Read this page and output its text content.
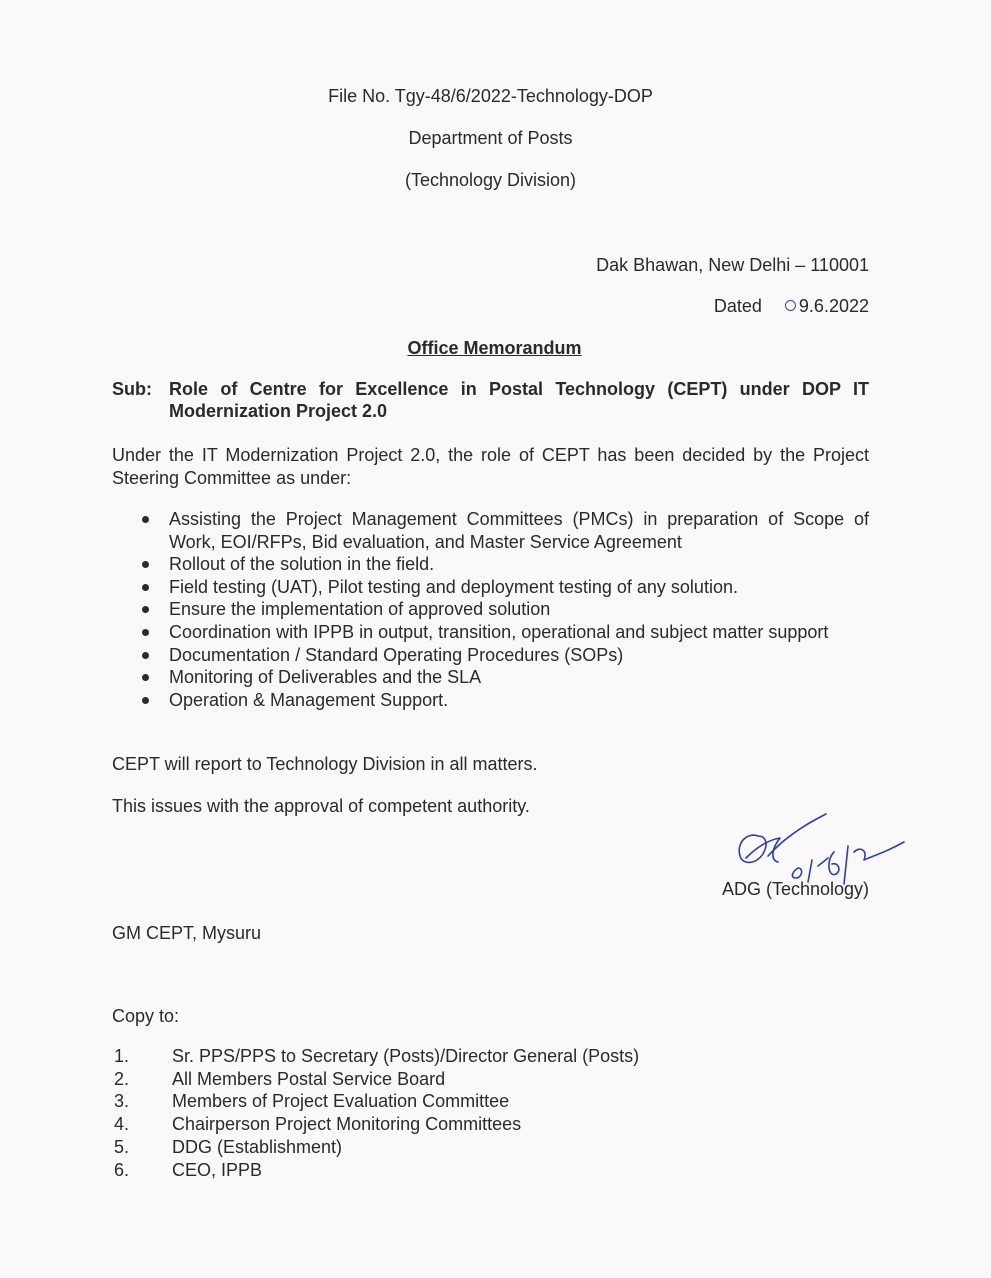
File No. Tgy-48/6/2022-Technology-DOP
Department of Posts
(Technology Division)
Dak Bhawan, New Delhi – 110001
Dated 9.6.2022
Office Memorandum
Sub: Role of Centre for Excellence in Postal Technology (CEPT) under DOP IT Modernization Project 2.0
Under the IT Modernization Project 2.0, the role of CEPT has been decided by the Project Steering Committee as under:
Assisting the Project Management Committees (PMCs) in preparation of Scope of Work, EOI/RFPs, Bid evaluation, and Master Service Agreement
Rollout of the solution in the field.
Field testing (UAT), Pilot testing and deployment testing of any solution.
Ensure the implementation of approved solution
Coordination with IPPB in output, transition, operational and subject matter support
Documentation / Standard Operating Procedures (SOPs)
Monitoring of Deliverables and the SLA
Operation & Management Support.
CEPT will report to Technology Division in all matters.
This issues with the approval of competent authority.
ADG (Technology)
GM CEPT, Mysuru
Copy to:
1. Sr. PPS/PPS to Secretary (Posts)/Director General (Posts)
2. All Members Postal Service Board
3. Members of Project Evaluation Committee
4. Chairperson Project Monitoring Committees
5. DDG (Establishment)
6. CEO, IPPB
